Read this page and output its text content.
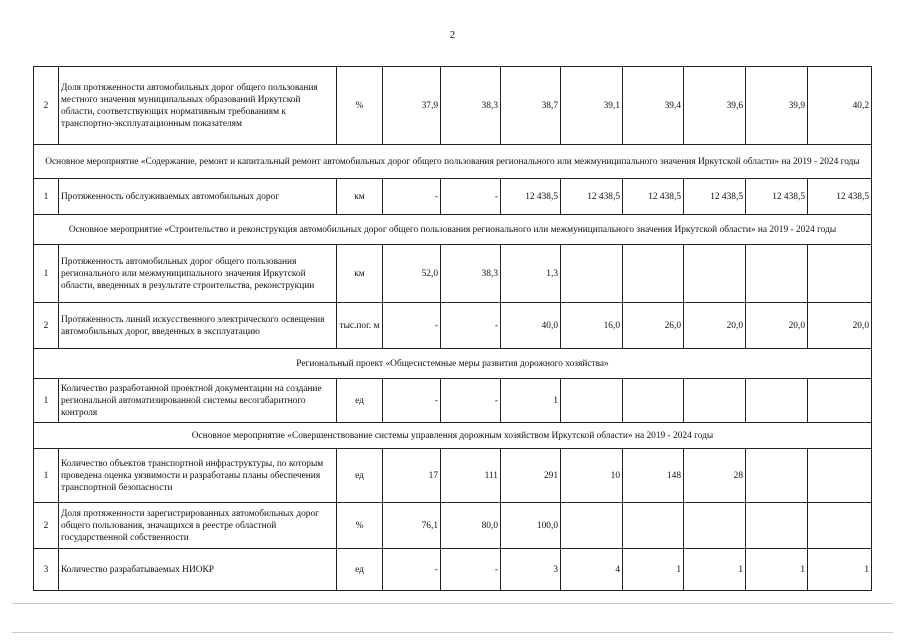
2
2	Доля протяженности автомобильных дорог общего пользования местного значения муниципальных образований Иркутской области, соответствующих нормативным требованиям к транспортно-эксплуатационным показателям	%	37,9	38,3	38,7	39,1	39,4	39,6	39,9	40,2
Основное мероприятие «Содержание, ремонт и капитальный ремонт автомобильных дорог общего пользования регионального или межмуниципального значения Иркутской области» на 2019 - 2024 годы										
1	Протяженность обслуживаемых автомобильных дорог	км	-	-	12 438,5	12 438,5	12 438,5	12 438,5	12 438,5	12 438,5
Основное мероприятие «Строительство и реконструкция автомобильных дорог общего пользования регионального или межмуниципального значения Иркутской области» на 2019 - 2024 годы										
1	Протяженность автомобильных дорог общего пользования регионального или межмуниципального значения Иркутской области, введенных в результате строительства, реконструкции	км	52,0	38,3	1,3					
2	Протяженность линий искусственного электрического освещения автомобильных дорог, введенных в эксплуатацию	тыс.пог. м	-	-	40,0	16,0	26,0	20,0	20,0	20,0
Региональный проект «Общесистемные меры развития дорожного хозяйства»										
1	Количество разработанной проектной документации на создание региональной автоматизированной системы весогабаритного контроля	ед	-	-	1					
Основное мероприятие «Совершенствование системы управления дорожным хозяйством Иркутской области» на 2019 - 2024 годы										
1	Количество объектов транспортной инфраструктуры, по которым проведена оценка уязвимости и разработаны планы обеспечения транспортной безопасности	ед	17	111	291	10	148	28		
2	Доля протяженности зарегистрированных автомобильных дорог общего пользования, значащихся в реестре областной государственной собственности	%	76,1	80,0	100,0					
3	Количество разрабатываемых НИОКР	ед	-	-	3	4	1	1	1	1
